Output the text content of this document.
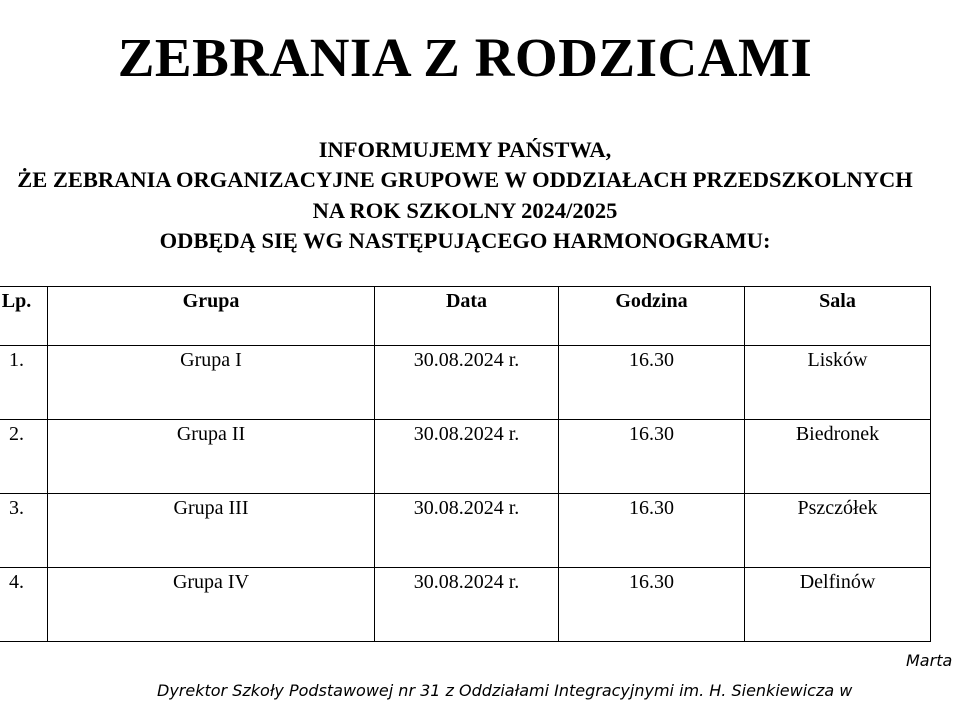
ZEBRANIA Z RODZICAMI
INFORMUJEMY PAŃSTWA,
ŻE ZEBRANIA ORGANIZACYJNE GRUPOWE W ODDZIAŁACH PRZEDSZKOLNYCH
NA ROK SZKOLNY 2024/2025
ODBĘDĄ SIĘ WG NASTĘPUJĄCEGO HARMONOGRAMU:
Lp.	Grupa	Data	Godzina	Sala
1.	Grupa I	30.08.2024 r.	16.30	Lisków
2.	Grupa II	30.08.2024 r.	16.30	Biedronek
3.	Grupa III	30.08.2024 r.	16.30	Pszczółek
4.	Grupa IV	30.08.2024 r.	16.30	Delfinów
Marta
Dyrektor Szkoły Podstawowej nr 31 z Oddziałami Integracyjnymi im. H. Sienkiewicza w
